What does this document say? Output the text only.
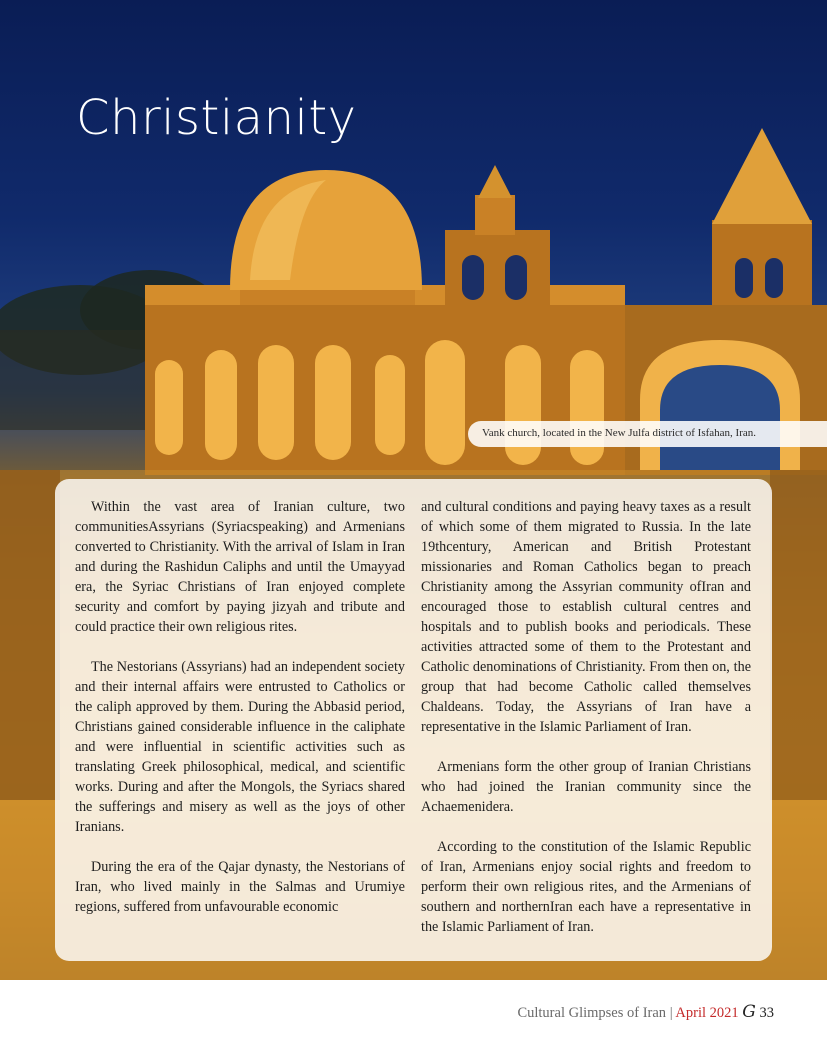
Christianity
Vank church, located in the New Julfa district of Isfahan, Iran.

Within the vast area of Iranian culture, two communitiesAssyrians (Syriacspeaking) and Armenians converted to Christianity. With the arrival of Islam in Iran and during the Rashidun Caliphs and until the Umayyad era, the Syriac Christians of Iran enjoyed complete security and comfort by paying jizyah and tribute and could practice their own religious rites.

The Nestorians (Assyrians) had an independent society and their internal affairs were entrusted to Catholics or the caliph approved by them. During the Abbasid period, Christians gained considerable influence in the caliphate and were influential in scientific activities such as translating Greek philosophical, medical, and scientific works. During and after the Mongols, the Syriacs shared the sufferings and misery as well as the joys of other Iranians.

During the era of the Qajar dynasty, the Nestorians of Iran, who lived mainly in the Salmas and Urumiye regions, suffered from unfavourable economic

and cultural conditions and paying heavy taxes as a result of which some of them migrated to Russia. In the late 19thcentury, American and British Protestant missionaries and Roman Catholics began to preach Christianity among the Assyrian community ofIran and encouraged those to establish cultural centres and hospitals and to publish books and periodicals. These activities attracted some of them to the Protestant and Catholic denominations of Christianity. From then on, the group that had become Catholic called themselves Chaldeans. Today, the Assyrians of Iran have a representative in the Islamic Parliament of Iran.

Armenians form the other group of Iranian Christians who had joined the Iranian community since the Achaemenidera.

According to the constitution of the Islamic Republic of Iran, Armenians enjoy social rights and freedom to perform their own religious rites, and the Armenians of southern and northernIran each have a representative in the Islamic Parliament of Iran.

Cultural Glimpses of Iran | April 2021 G 33
